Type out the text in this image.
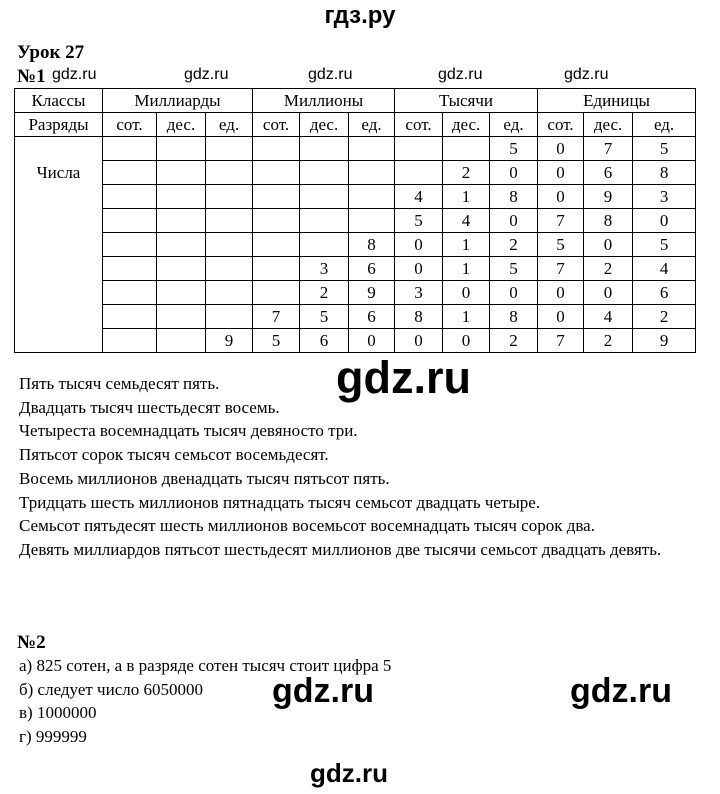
гдз.ру
Урок 27
№1 gdz.ru	gdz.ru	gdz.ru	gdz.ru	gdz.ru
Классы	Миллиарды			Миллионы			Тысячи			Единицы		
Разряды	сот.	дес.	ед.	сот.	дес.	ед.	сот.	дес.	ед.	сот.	дес.	ед.
									5	0	7	5
Числа								2	0	0	6	8
							4	1	8	0	9	3
							5	4	0	7	8	0
						8	0	1	2	5	0	5
					3	6	0	1	5	7	2	4
					2	9	3	0	0	0	0	6
				7	5	6	8	1	8	0	4	2
			9	5	6	0	0	0	2	7	2	9
gdz.ru

Пять тысяч семьдесят пять.

Двадцать тысяч шестьдесят восемь.

Четыреста восемнадцать тысяч девяносто три.

Пятьсот сорок тысяч семьсот восемьдесят.

Восемь миллионов двенадцать тысяч пятьсот пять.

Тридцать шесть миллионов пятнадцать тысяч семьсот двадцать четыре.

Семьсот пятьдесят шесть миллионов восемьсот восемнадцать тысяч сорок два.

Девять миллиардов пятьсот шестьдесят миллионов две тысячи семьсот двадцать девять.

№2

а) 825 сотен, а в разряде сотен тысяч стоит цифра 5

б) следует число 6050000

в) 1000000

г) 999999

gdz.ru	gdz.ru
gdz.ru
